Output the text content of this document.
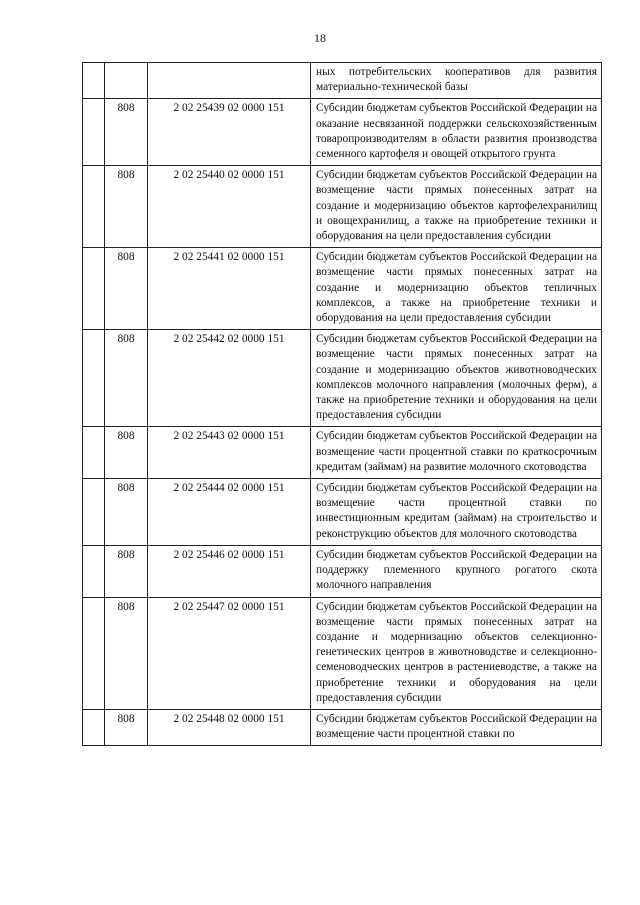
18
			ных потребительских кооперативов для развития материально-технической базы
	808	2 02 25439 02 0000 151	Субсидии бюджетам субъектов Российской Федерации на оказание несвязанной поддержки сельскохозяйственным товаропроизводителям в области развития производства семенного картофеля и овощей открытого грунта
	808	2 02 25440 02 0000 151	Субсидии бюджетам субъектов Российской Федерации на возмещение части прямых понесенных затрат на создание и модернизацию объектов картофелехранилищ и овощехранилищ, а также на приобретение техники и оборудования на цели предоставления субсидии
	808	2 02 25441 02 0000 151	Субсидии бюджетам субъектов Российской Федерации на возмещение части прямых понесенных затрат на создание и модернизацию объектов тепличных комплексов, а также на приобретение техники и оборудования на цели предоставления субсидии
	808	2 02 25442 02 0000 151	Субсидии бюджетам субъектов Российской Федерации на возмещение части прямых понесенных затрат на создание и модернизацию объектов животноводческих комплексов молочного направления (молочных ферм), а также на приобретение техники и оборудования на цели предоставления субсидии
	808	2 02 25443 02 0000 151	Субсидии бюджетам субъектов Российской Федерации на возмещение части процентной ставки по краткосрочным кредитам (займам) на развитие молочного скотоводства
	808	2 02 25444 02 0000 151	Субсидии бюджетам субъектов Российской Федерации на возмещение части процентной ставки по инвестиционным кредитам (займам) на строительство и реконструкцию объектов для молочного скотоводства
	808	2 02 25446 02 0000 151	Субсидии бюджетам субъектов Российской Федерации на поддержку племенного крупного рогатого скота молочного направления
	808	2 02 25447 02 0000 151	Субсидии бюджетам субъектов Российской Федерации на возмещение части прямых понесенных затрат на создание и модернизацию объектов селекционно-генетических центров в животноводстве и селекционно-семеноводческих центров в растениеводстве, а также на приобретение техники и оборудования на цели предоставления субсидии
	808	2 02 25448 02 0000 151	Субсидии бюджетам субъектов Российской Федерации на возмещение части процентной ставки по
